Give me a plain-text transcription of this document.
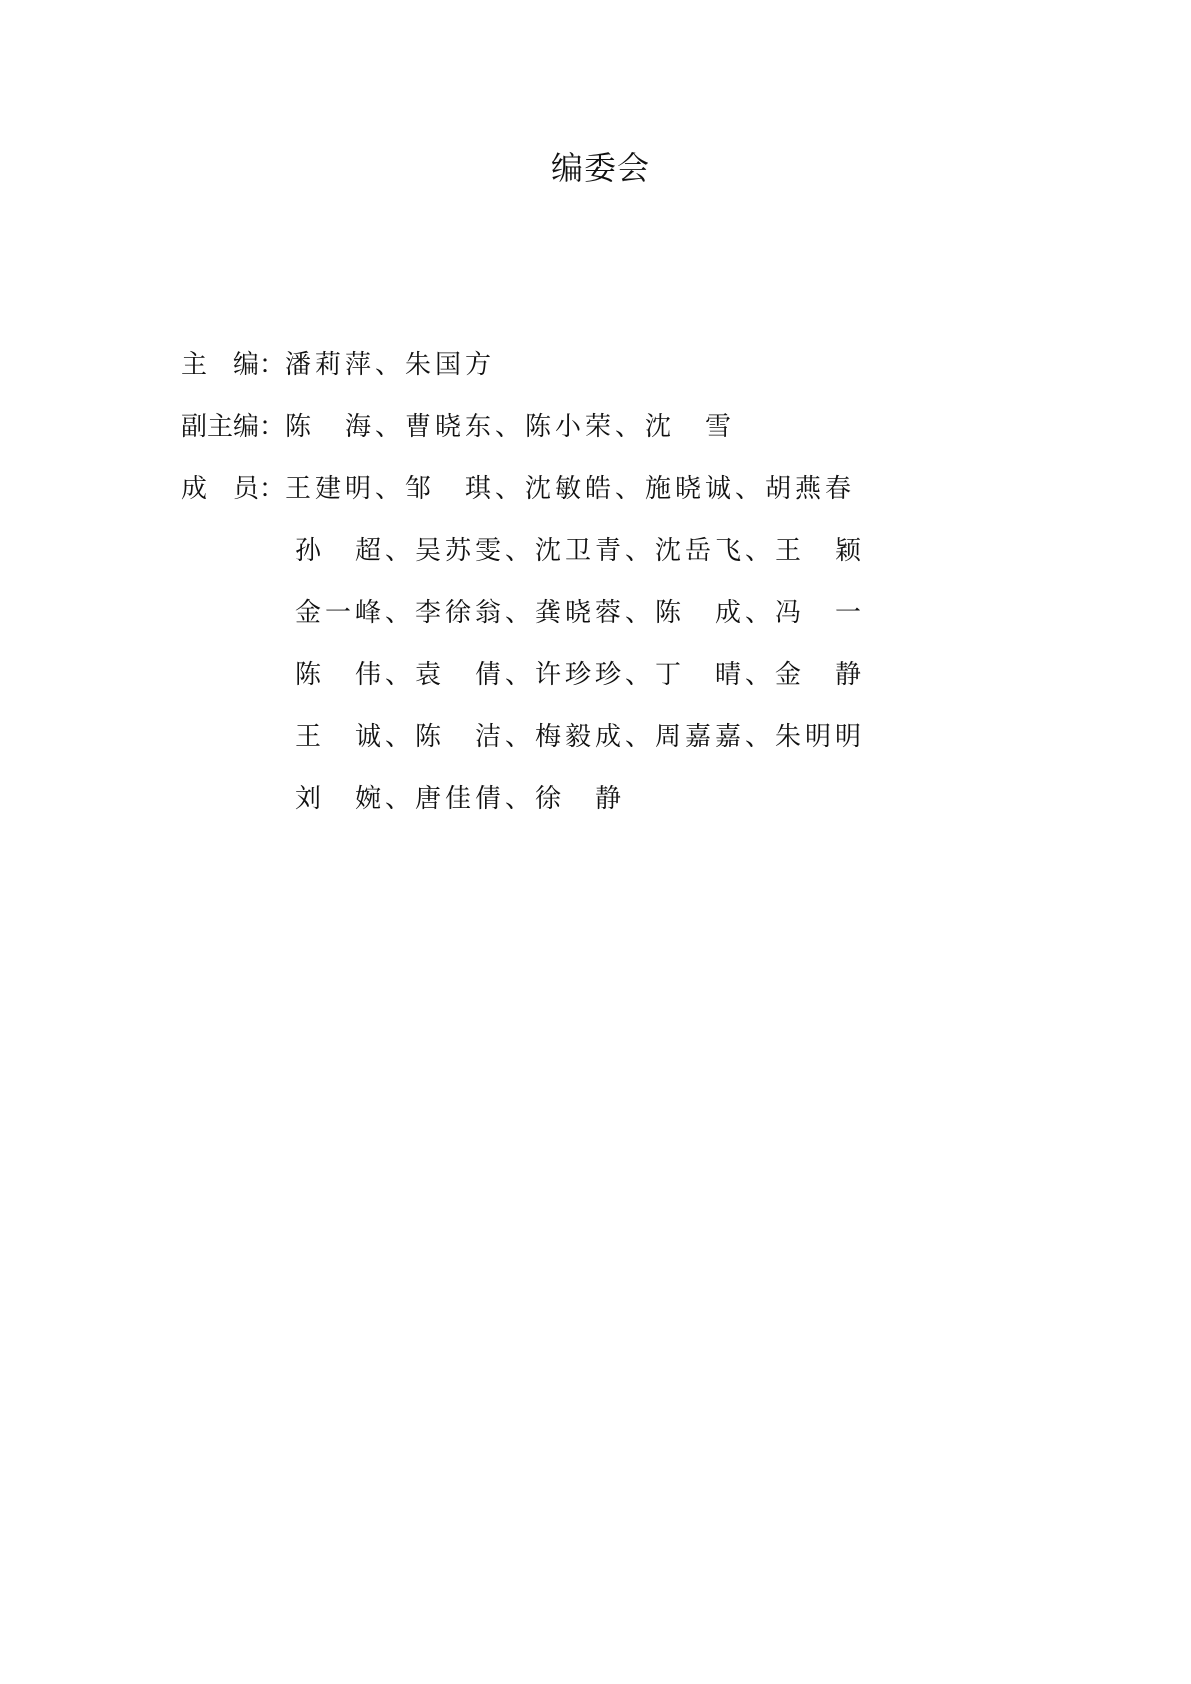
编委会
主　编： 潘莉萍、朱国方
副主编： 陈　海、曹晓东、陈小荣、沈　雪
成　员： 王建明、邹　琪、沈敏皓、施晓诚、胡燕春
孙　超、吴苏雯、沈卫青、沈岳飞、王　颖
金一峰、李徐翁、龚晓蓉、陈　成、冯　一
陈　伟、袁　倩、许珍珍、丁　晴、金　静
王　诚、陈　洁、梅毅成、周嘉嘉、朱明明
刘　婉、唐佳倩、徐　静
